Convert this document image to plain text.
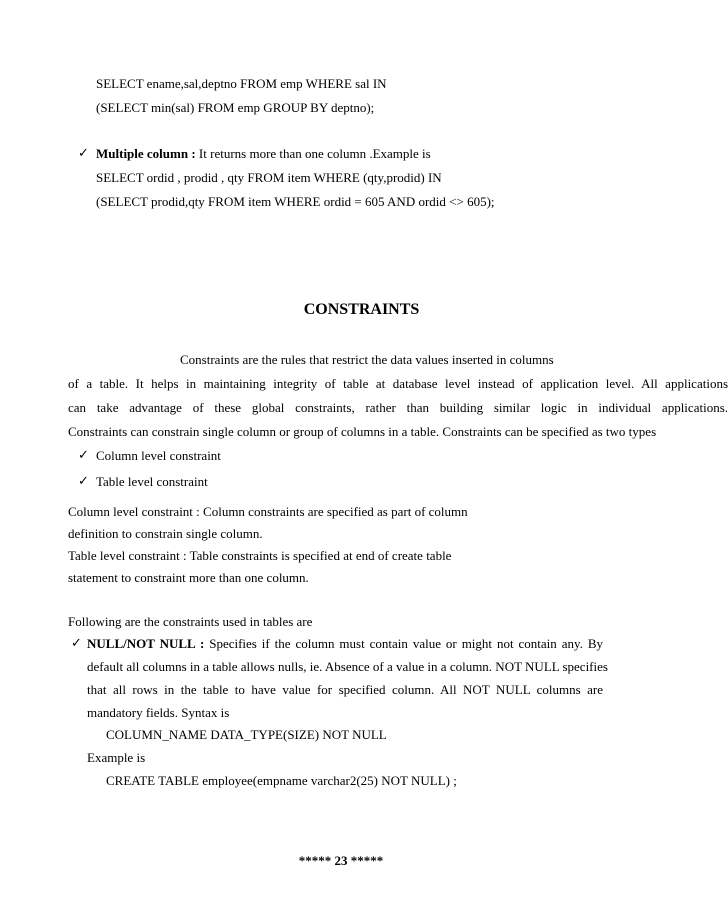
SELECT ename,sal,deptno FROM emp WHERE sal IN
(SELECT min(sal) FROM emp GROUP BY deptno);
✓ Multiple column : It returns more than one column .Example is
SELECT ordid , prodid , qty FROM item WHERE (qty,prodid) IN
(SELECT prodid,qty FROM item WHERE ordid = 605 AND ordid <> 605);
CONSTRAINTS
Constraints are the rules that restrict the data values inserted in columns
of a table. It helps in maintaining integrity of table at database level instead of application level. All applications
can take advantage of these global constraints, rather than building similar logic in individual applications.
Constraints can constrain single column or group of columns in a table. Constraints can be specified as two types
✓ Column level constraint
✓ Table level constraint
Column level constraint : Column constraints are specified as part of column
definition to constrain single column.
Table level constraint : Table constraints is specified at end of create table
statement to constraint more than one column.
Following are the constraints used in tables are
✓ NULL/NOT NULL : Specifies if the column must contain value or might not contain any. By
default all columns in a table allows nulls, ie. Absence of a value in a column. NOT NULL specifies
that all rows in the table to have value for specified column. All NOT NULL columns are
mandatory fields. Syntax is
COLUMN_NAME DATA_TYPE(SIZE) NOT NULL
Example is
CREATE TABLE employee(empname varchar2(25) NOT NULL) ;
***** 23 *****
